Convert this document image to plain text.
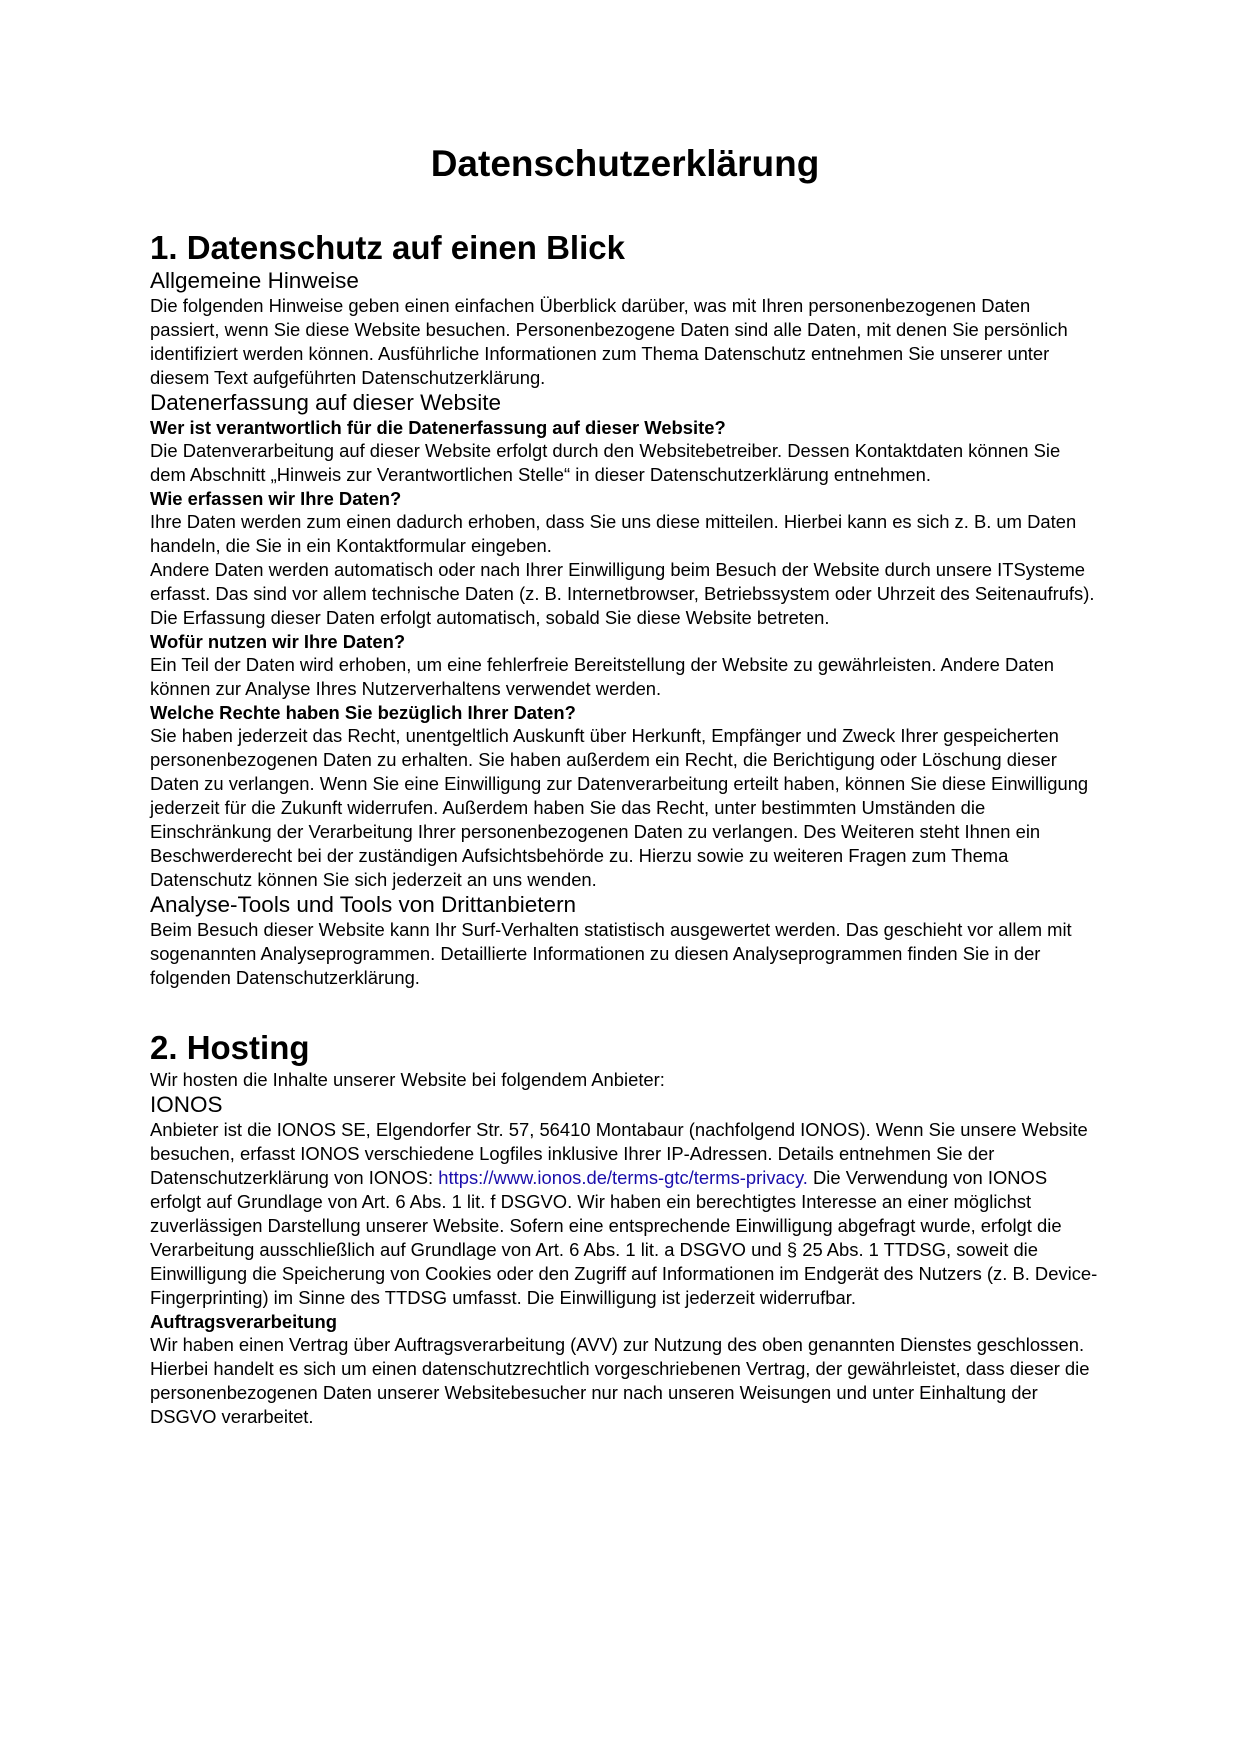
Datenschutzerklärung
1. Datenschutz auf einen Blick
Allgemeine Hinweise

Die folgenden Hinweise geben einen einfachen Überblick darüber, was mit Ihren personenbezogenen Daten passiert, wenn Sie diese Website besuchen. Personenbezogene Daten sind alle Daten, mit denen Sie persönlich identifiziert werden können. Ausführliche Informationen zum Thema Datenschutz entnehmen Sie unserer unter diesem Text aufgeführten Datenschutzerklärung.

Datenerfassung auf dieser Website
Wer ist verantwortlich für die Datenerfassung auf dieser Website?

Die Datenverarbeitung auf dieser Website erfolgt durch den Websitebetreiber. Dessen Kontaktdaten können Sie dem Abschnitt „Hinweis zur Verantwortlichen Stelle“ in dieser Datenschutzerklärung entnehmen.

Wie erfassen wir Ihre Daten?

Ihre Daten werden zum einen dadurch erhoben, dass Sie uns diese mitteilen. Hierbei kann es sich z. B. um Daten handeln, die Sie in ein Kontaktformular eingeben.

Andere Daten werden automatisch oder nach Ihrer Einwilligung beim Besuch der Website durch unsere ITSysteme erfasst. Das sind vor allem technische Daten (z. B. Internetbrowser, Betriebssystem oder Uhrzeit des Seitenaufrufs). Die Erfassung dieser Daten erfolgt automatisch, sobald Sie diese Website betreten.

Wofür nutzen wir Ihre Daten?

Ein Teil der Daten wird erhoben, um eine fehlerfreie Bereitstellung der Website zu gewährleisten. Andere Daten können zur Analyse Ihres Nutzerverhaltens verwendet werden.

Welche Rechte haben Sie bezüglich Ihrer Daten?

Sie haben jederzeit das Recht, unentgeltlich Auskunft über Herkunft, Empfänger und Zweck Ihrer gespeicherten personenbezogenen Daten zu erhalten. Sie haben außerdem ein Recht, die Berichtigung oder Löschung dieser Daten zu verlangen. Wenn Sie eine Einwilligung zur Datenverarbeitung erteilt haben, können Sie diese Einwilligung jederzeit für die Zukunft widerrufen. Außerdem haben Sie das Recht, unter bestimmten Umständen die Einschränkung der Verarbeitung Ihrer personenbezogenen Daten zu verlangen. Des Weiteren steht Ihnen ein Beschwerderecht bei der zuständigen Aufsichtsbehörde zu. Hierzu sowie zu weiteren Fragen zum Thema Datenschutz können Sie sich jederzeit an uns wenden.

Analyse-Tools und Tools von Drittanbietern

Beim Besuch dieser Website kann Ihr Surf-Verhalten statistisch ausgewertet werden. Das geschieht vor allem mit sogenannten Analyseprogrammen. Detaillierte Informationen zu diesen Analyseprogrammen finden Sie in der folgenden Datenschutzerklärung.

2. Hosting

Wir hosten die Inhalte unserer Website bei folgendem Anbieter:

IONOS

Anbieter ist die IONOS SE, Elgendorfer Str. 57, 56410 Montabaur (nachfolgend IONOS). Wenn Sie unsere Website besuchen, erfasst IONOS verschiedene Logfiles inklusive Ihrer IP-Adressen. Details entnehmen Sie der Datenschutzerklärung von IONOS: https://www.ionos.de/terms-gtc/terms-privacy. Die Verwendung von IONOS erfolgt auf Grundlage von Art. 6 Abs. 1 lit. f DSGVO. Wir haben ein berechtigtes Interesse an einer möglichst zuverlässigen Darstellung unserer Website. Sofern eine entsprechende Einwilligung abgefragt wurde, erfolgt die Verarbeitung ausschließlich auf Grundlage von Art. 6 Abs. 1 lit. a DSGVO und § 25 Abs. 1 TTDSG, soweit die Einwilligung die Speicherung von Cookies oder den Zugriff auf Informationen im Endgerät des Nutzers (z. B. Device-Fingerprinting) im Sinne des TTDSG umfasst. Die Einwilligung ist jederzeit widerrufbar.

Auftragsverarbeitung

Wir haben einen Vertrag über Auftragsverarbeitung (AVV) zur Nutzung des oben genannten Dienstes geschlossen. Hierbei handelt es sich um einen datenschutzrechtlich vorgeschriebenen Vertrag, der gewährleistet, dass dieser die personenbezogenen Daten unserer Websitebesucher nur nach unseren Weisungen und unter Einhaltung der DSGVO verarbeitet.
